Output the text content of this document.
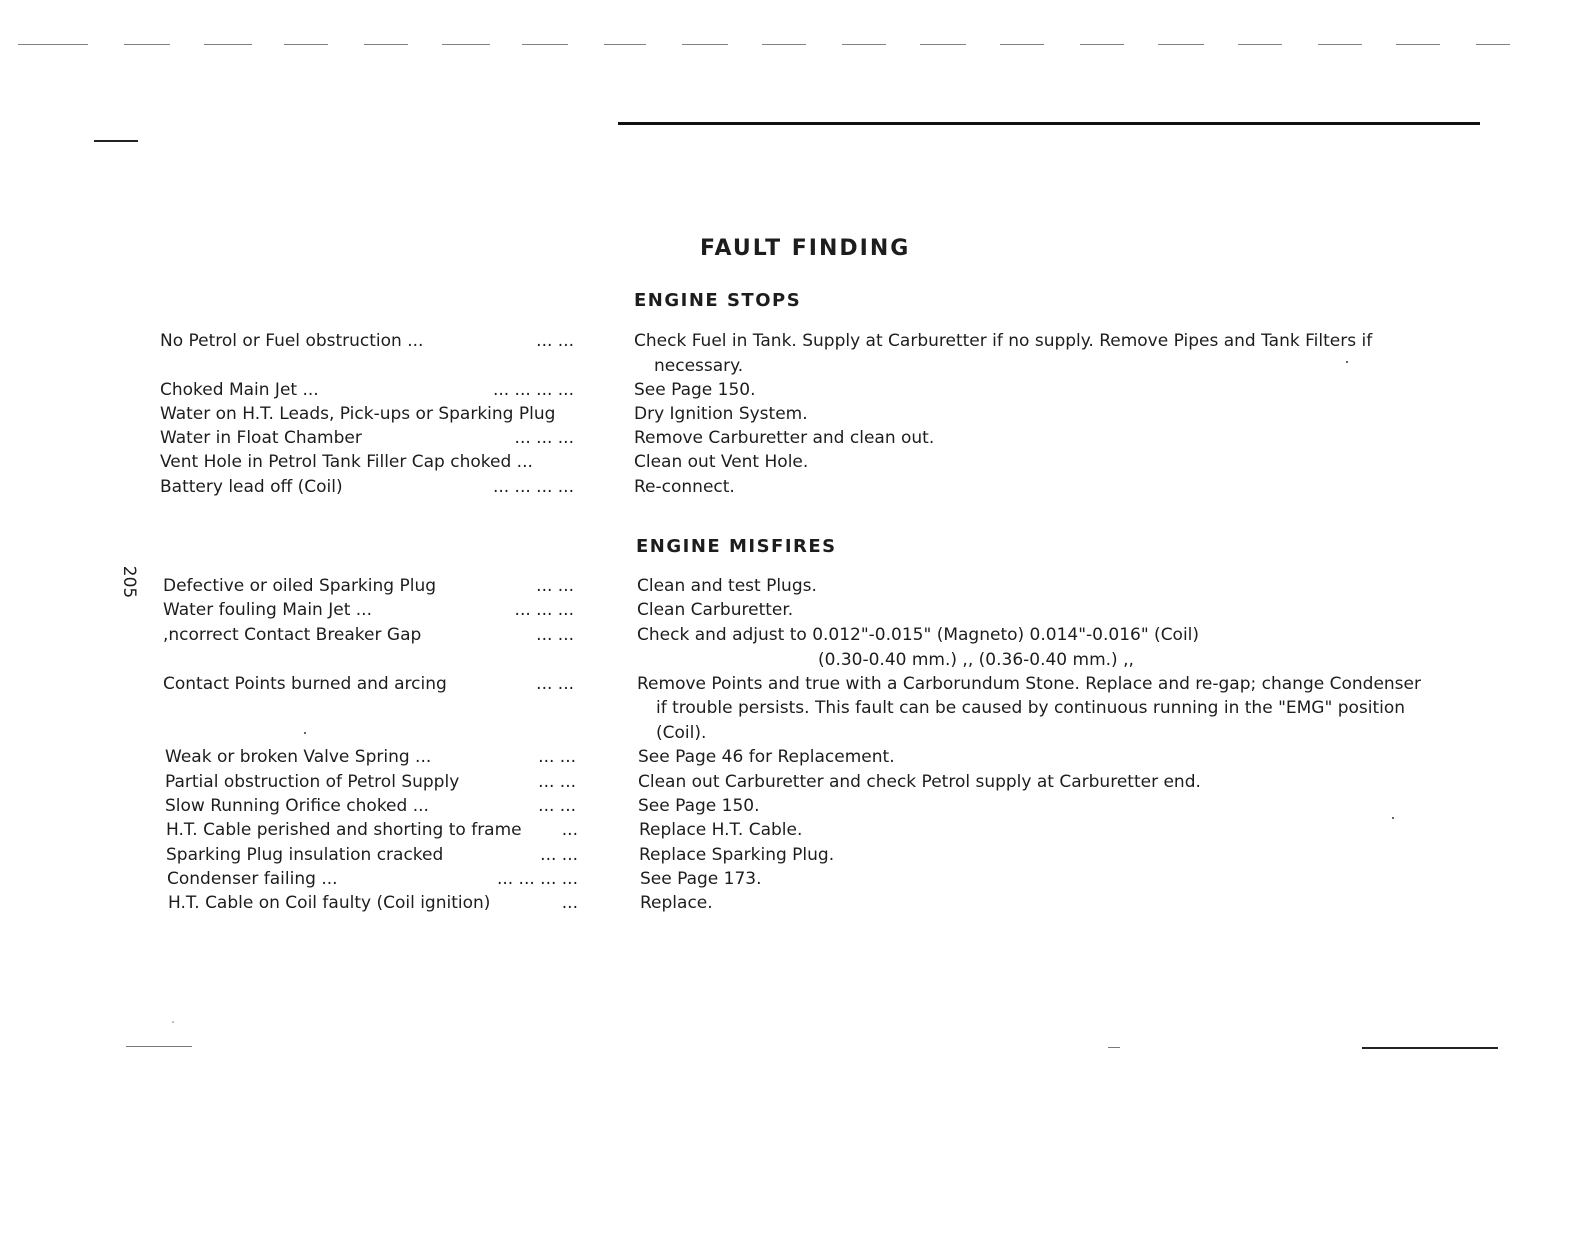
FAULT FINDING
205
ENGINE STOPS
No Petrol or Fuel obstruction ...	... ...	Check Fuel in Tank. Supply at Carburetter if no supply. Remove Pipes and Tank Filters if
necessary.
Choked Main Jet ...	... ... ... ...	See Page 150.
Water on H.T. Leads, Pick-ups or Sparking Plug	Dry Ignition System.
Water in Float Chamber	... ... ...	Remove Carburetter and clean out.
Vent Hole in Petrol Tank Filler Cap choked ...	Clean out Vent Hole.
Battery lead off (Coil)	... ... ... ...	Re-connect.
ENGINE MISFIRES
Defective or oiled Sparking Plug	... ...	Clean and test Plugs.
Water fouling Main Jet ...	... ... ...	Clean Carburetter.
,ncorrect Contact Breaker Gap	... ...	Check and adjust to 0.012"-0.015" (Magneto) 0.014"-0.016" (Coil)
(0.30-0.40 mm.) ,, (0.36-0.40 mm.) ,,
Contact Points burned and arcing	... ...	Remove Points and true with a Carborundum Stone. Replace and re-gap; change Condenser
if trouble persists. This fault can be caused by continuous running in the "EMG" position
(Coil).
Weak or broken Valve Spring ...	... ...	See Page 46 for Replacement.
Partial obstruction of Petrol Supply	... ...	Clean out Carburetter and check Petrol supply at Carburetter end.
Slow Running Orifice choked ...	... ...	See Page 150.
H.T. Cable perished and shorting to frame ...	Replace H.T. Cable.
Sparking Plug insulation cracked	... ...	Replace Sparking Plug.
Condenser failing ...	... ... ... ...	See Page 173.
H.T. Cable on Coil faulty (Coil ignition)	...	Replace.
